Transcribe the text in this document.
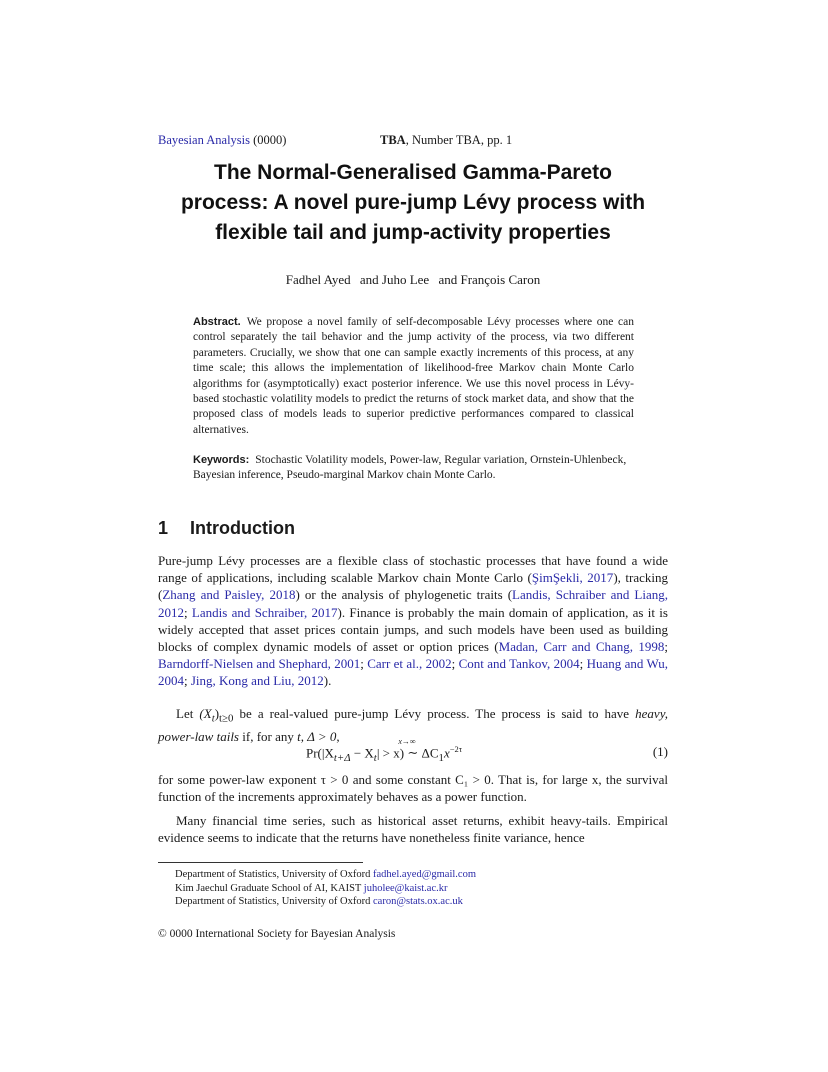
Bayesian Analysis (0000)	TBA, Number TBA, pp. 1
The Normal-Generalised Gamma-Pareto
process: A novel pure-jump Lévy process with
flexible tail and jump-activity properties
Fadhel Ayed and Juho Lee and François Caron
Abstract. We propose a novel family of self-decomposable Lévy processes where one can control separately the tail behavior and the jump activity of the process, via two different parameters. Crucially, we show that one can sample exactly increments of this process, at any time scale; this allows the implementation of likelihood-free Markov chain Monte Carlo algorithms for (asymptotically) exact posterior inference. We use this novel process in Lévy-based stochastic volatility models to predict the returns of stock market data, and show that the proposed class of models leads to superior predictive performances compared to classical alternatives.
Keywords: Stochastic Volatility models, Power-law, Regular variation, Ornstein-Uhlenbeck, Bayesian inference, Pseudo-marginal Markov chain Monte Carlo.
1 Introduction
Pure-jump Lévy processes are a flexible class of stochastic processes that have found a wide range of applications, including scalable Markov chain Monte Carlo (ŞimŞekli, 2017), tracking (Zhang and Paisley, 2018) or the analysis of phylogenetic traits (Landis, Schraiber and Liang, 2012; Landis and Schraiber, 2017). Finance is probably the main domain of application, as it is widely accepted that asset prices contain jumps, and such models have been used as building blocks of complex dynamic models of asset or option prices (Madan, Carr and Chang, 1998; Barndorff-Nielsen and Shephard, 2001; Carr et al., 2002; Cont and Tankov, 2004; Huang and Wu, 2004; Jing, Kong and Liu, 2012).
Let $(X_t)_{t\ge 0}$ be a real-valued pure-jump Lévy process. The process is said to have heavy, power-law tails if, for any t, Δ > 0,
$Pr(|X_{t+\Delta} - X_t| > x)$
x→∞
∼ $\Delta C_1x^{-2\tau}$	(1)
for some power-law exponent τ > 0 and some constant C₁ > 0. That is, for large x, the survival function of the increments approximately behaves as a power function.
Many financial time series, such as historical asset returns, exhibit heavy-tails. Empirical evidence seems to indicate that the returns have nonetheless finite variance, hence
Department of Statistics, University of Oxford fadhel.ayed@gmail.com
Kim Jaechul Graduate School of AI, KAIST juholee@kaist.ac.kr
Department of Statistics, University of Oxford caron@stats.ox.ac.uk
© 0000 International Society for Bayesian Analysis
